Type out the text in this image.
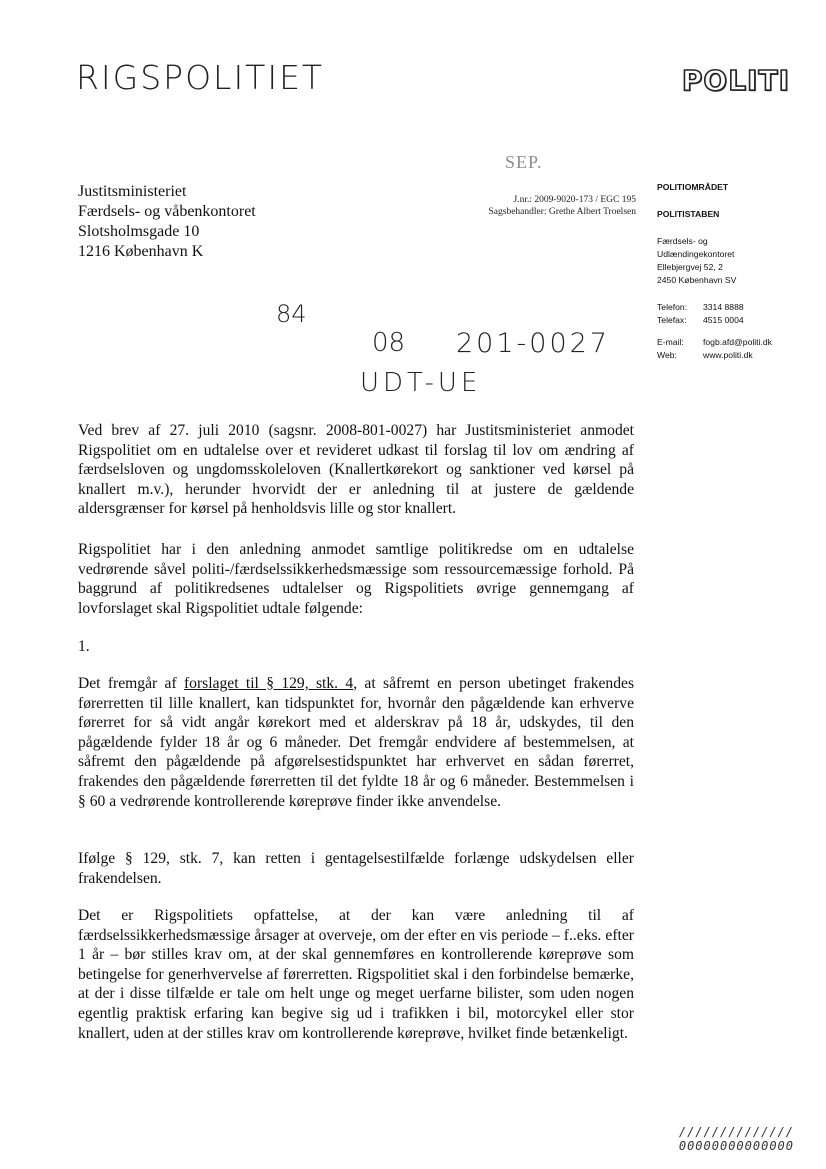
RIGSPOLITIET	POLITI
SEP.
Justitsministeriet
Færdsels- og våbenkontoret
Slotsholmsgade 10
1216 København K
J.nr.: 2009-9020-173 / EGC 195
Sagsbehandler: Grethe Albert Troelsen
POLITIOMRÅDET
POLITISTABEN
Færdsels- og
Udlændingekontoret
Ellebjergvej 52, 2
2450 København SV
Telefon:	3314 8888
Telefax:	4515 0004

E-mail:	fogb.afd@politi.dk
Web:	www.politi.dk
84
08 201-0027
UDT-UE

Ved brev af 27. juli 2010 (sagsnr. 2008-801-0027) har Justitsministeriet anmodet Rigspolitiet om en udtalelse over et revideret udkast til forslag til lov om ændring af færdselsloven og ungdomsskoleloven (Knallertkørekort og sanktioner ved kørsel på knallert m.v.), herunder hvorvidt der er anledning til at justere de gældende aldersgrænser for kørsel på henholdsvis lille og stor knallert.

Rigspolitiet har i den anledning anmodet samtlige politikredse om en udtalelse vedrørende såvel politi-/færdselssikkerhedsmæssige som ressourcemæssige forhold. På baggrund af politikredsenes udtalelser og Rigspolitiets øvrige gennemgang af lovforslaget skal Rigspolitiet udtale følgende:

1.

Det fremgår af forslaget til § 129, stk. 4, at såfremt en person ubetinget frakendes førerretten til lille knallert, kan tidspunktet for, hvornår den pågældende kan erhverve førerret for så vidt angår kørekort med et alderskrav på 18 år, udskydes, til den pågældende fylder 18 år og 6 måneder. Det fremgår endvidere af bestemmelsen, at såfremt den pågældende på afgørelsestidspunktet har erhvervet en sådan førerret, frakendes den pågældende førerretten til det fyldte 18 år og 6 måneder. Bestemmelsen i § 60 a vedrørende kontrollerende køreprøve finder ikke anvendelse.

Ifølge § 129, stk. 7, kan retten i gentagelsestilfælde forlænge udskydelsen eller frakendelsen.

Det er Rigspolitiets opfattelse, at der kan være anledning til af færdselssikkerhedsmæssige årsager at overveje, om der efter en vis periode – f..eks. efter 1 år – bør stilles krav om, at der skal gennemføres en kontrollerende køreprøve som betingelse for generhvervelse af førerretten. Rigspolitiet skal i den forbindelse bemærke, at der i disse tilfælde er tale om helt unge og meget uerfarne bilister, som uden nogen egentlig praktisk erfaring kan begive sig ud i trafikken i bil, motorcykel eller stor knallert, uden at der stilles krav om kontrollerende køreprøve, hvilket finde betænkeligt.

//////////////
00000000000000
